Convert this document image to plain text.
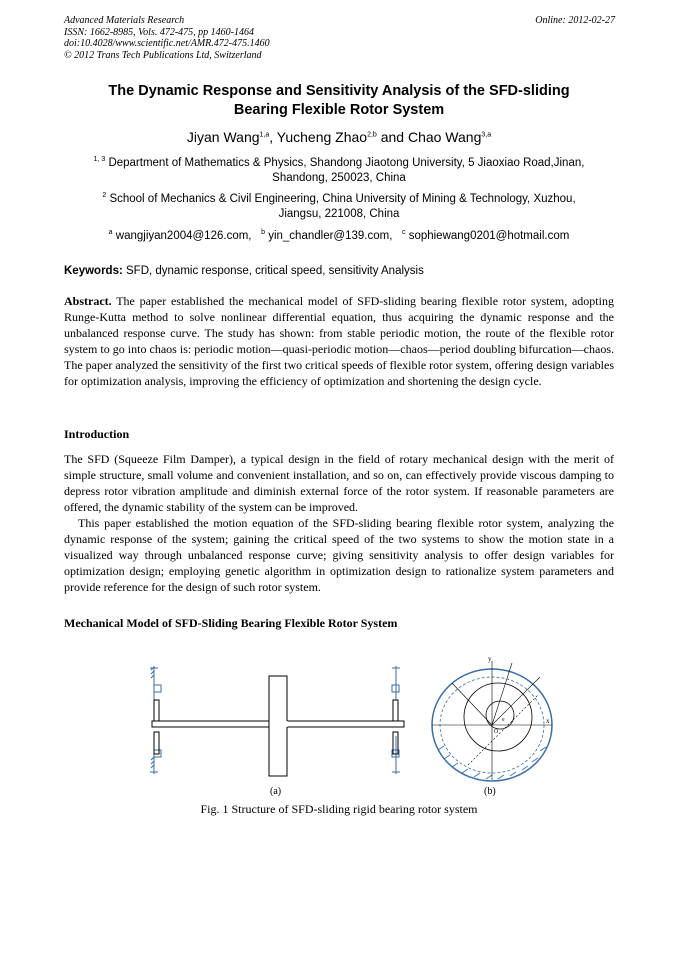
Advanced Materials Research
ISSN: 1662-8985, Vols. 472-475, pp 1460-1464
doi:10.4028/www.scientific.net/AMR.472-475.1460
© 2012 Trans Tech Publications Ltd, Switzerland
Online: 2012-02-27
The Dynamic Response and Sensitivity Analysis of the SFD-sliding
Bearing Flexible Rotor System
Jiyan Wang$^{1,a}$, Yucheng Zhao$^{2,b}$ and Chao Wang$^{3,a}$
$^{1, 3}$ Department of Mathematics & Physics, Shandong Jiaotong University, 5 Jiaoxiao Road,Jinan,
Shandong, 250023, China
$^2$ School of Mechanics & Civil Engineering, China University of Mining & Technology, Xuzhou,
Jiangsu, 221008, China
$^a$ wangjiyan2004@126.com, $^b$ yin_chandler@139.com, $^c$ sophiewang0201@hotmail.com
Keywords: SFD, dynamic response, critical speed, sensitivity Analysis
Abstract. The paper established the mechanical model of SFD-sliding bearing flexible rotor system, adopting Runge-Kutta method to solve nonlinear differential equation, thus acquiring the dynamic response and the unbalanced response curve. The study has shown: from stable periodic motion, the route of the flexible rotor system to go into chaos is: periodic motion—quasi-periodic motion—chaos—period doubling bifurcation—chaos. The paper analyzed the sensitivity of the first two critical speeds of flexible rotor system, offering design variables for optimization analysis, improving the efficiency of optimization and shortening the design cycle.
Introduction
The SFD (Squeeze Film Damper), a typical design in the field of rotary mechanical design with the merit of simple structure, small volume and convenient installation, and so on, can effectively provide viscous damping to depress rotor vibration amplitude and diminish external force of the rotor system. If reasonable parameters are offered, the dynamic stability of the system can be improved.
This paper established the motion equation of the SFD-sliding bearing flexible rotor system, analyzing the dynamic response of the system; gaining the critical speed of the two systems to show the motion state in a visualized way through unbalanced response curve; giving sensitivity analysis to offer design variables for optimization design; employing genetic algorithm in optimization design to rationalize system parameters and provide reference for the design of such rotor system.
Mechanical Model of SFD-Sliding Bearing Flexible Rotor System
y
x
O
e
(a)	(b)
Fig. 1 Structure of SFD-sliding rigid bearing rotor system
